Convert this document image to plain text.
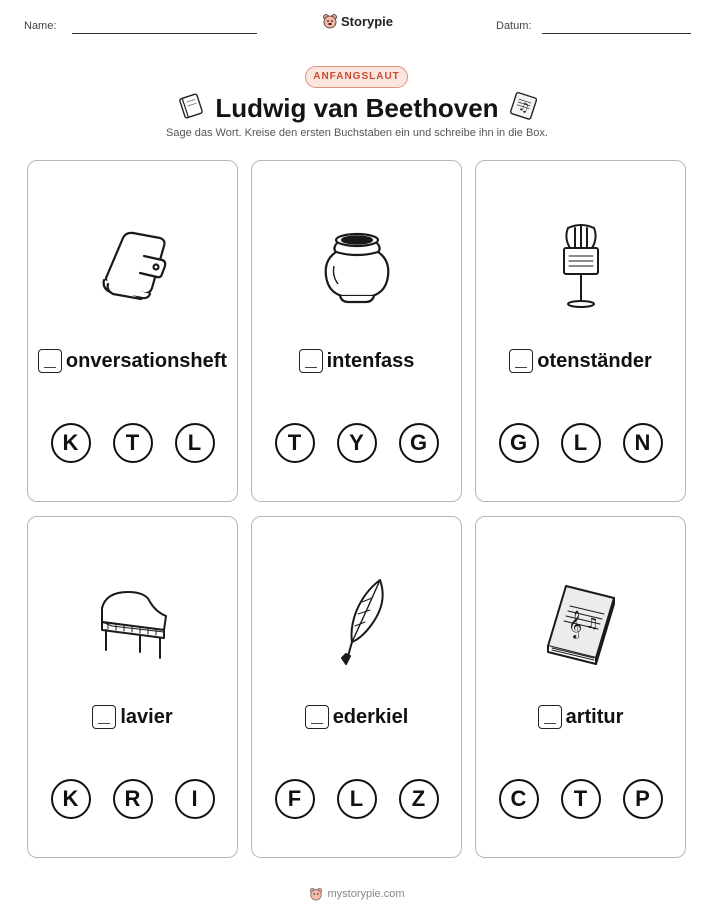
Name:	Storypie	Datum:
ANFANGSLAUT
Ludwig van Beethoven	♫
Sage das Wort. Kreise den ersten Buchstaben ein und schreibe ihn in die Box.
onversationsheft
K	T	L
intenfass
T	Y	G
otenständer
G	L	N
lavier
K	R	I
ederkiel
F	L	Z
𝄞 ♫
artitur
C	T	P
mystorypie.com
